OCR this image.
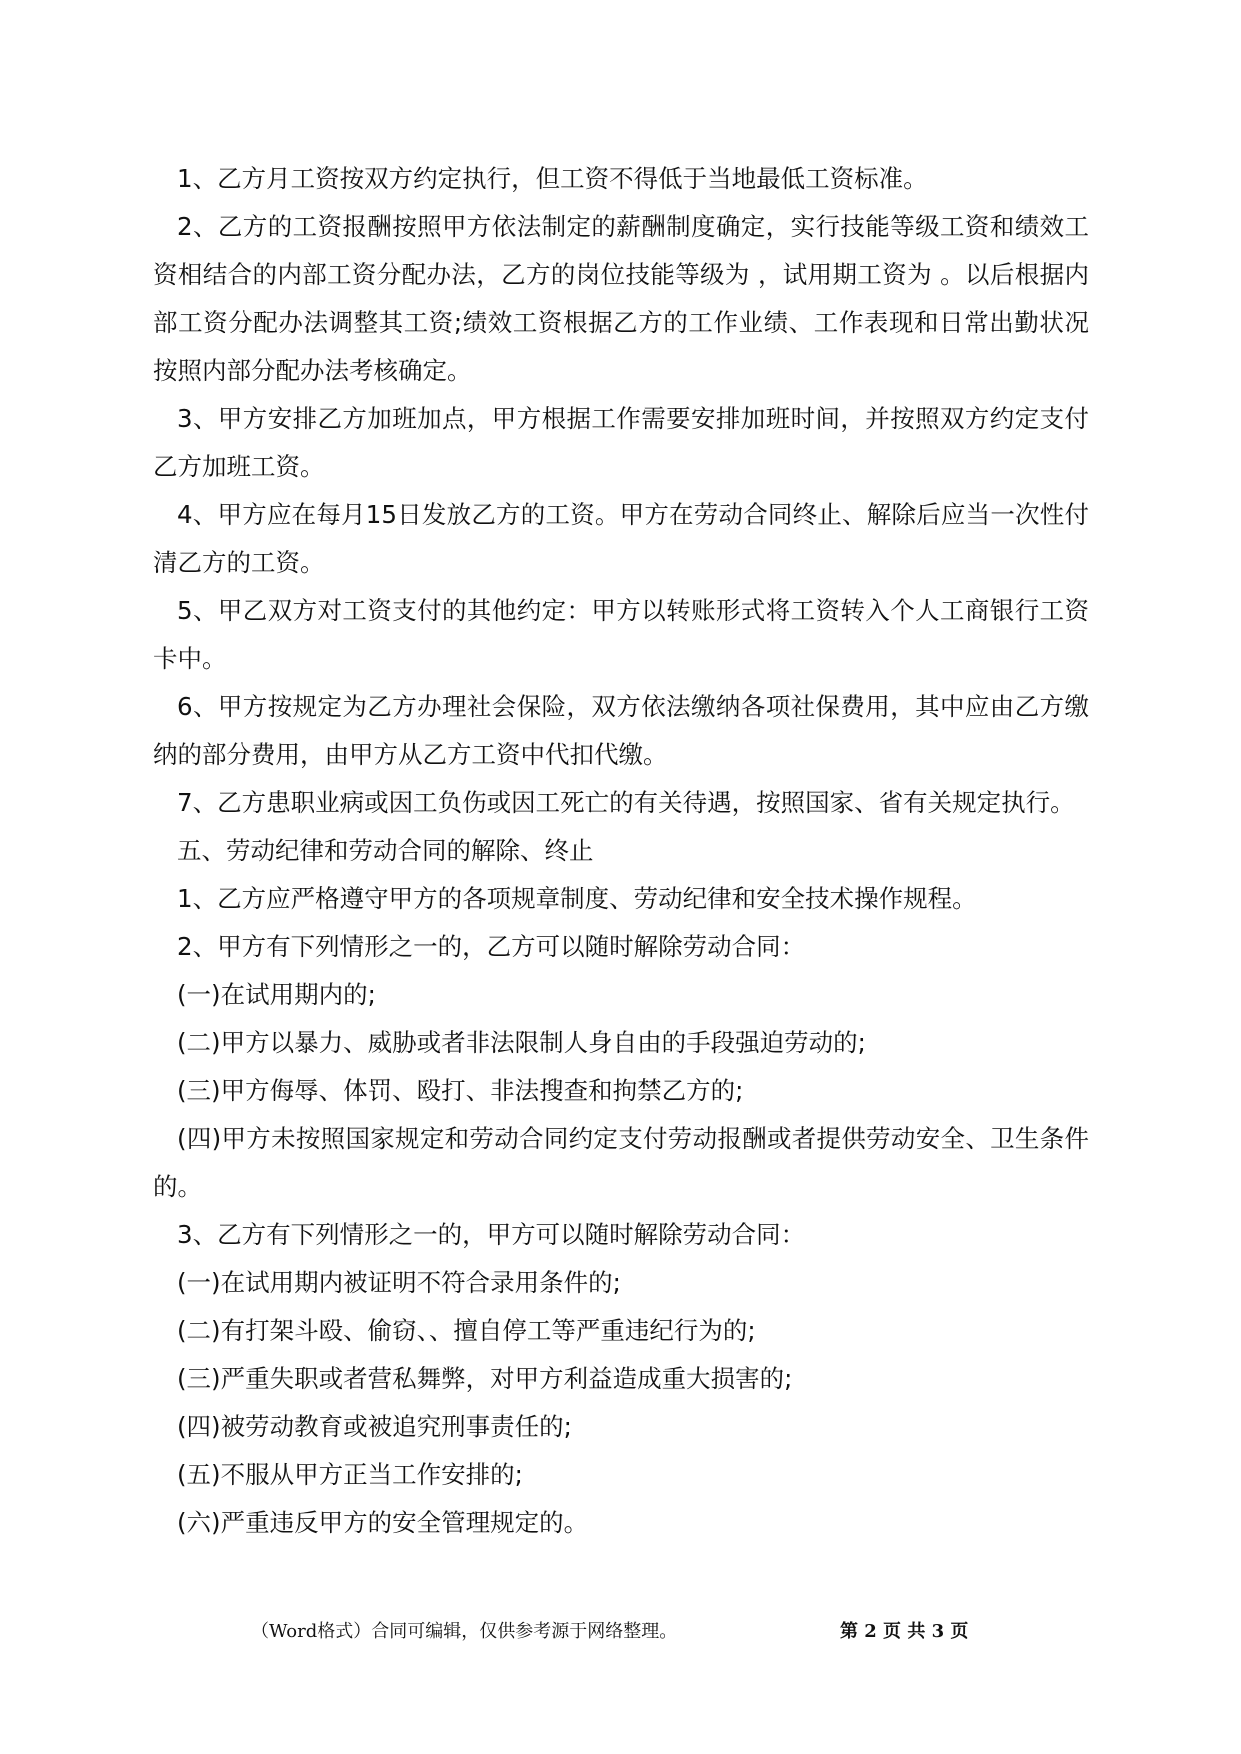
1、乙方月工资按双方约定执行，但工资不得低于当地最低工资标准。

2、乙方的工资报酬按照甲方依法制定的薪酬制度确定，实行技能等级工资和绩效工资相结合的内部工资分配办法，乙方的岗位技能等级为 ，试用期工资为 。以后根据内部工资分配办法调整其工资;绩效工资根据乙方的工作业绩、工作表现和日常出勤状况按照内部分配办法考核确定。

3、甲方安排乙方加班加点，甲方根据工作需要安排加班时间，并按照双方约定支付乙方加班工资。

4、甲方应在每月15日发放乙方的工资。甲方在劳动合同终止、解除后应当一次性付清乙方的工资。

5、甲乙双方对工资支付的其他约定：甲方以转账形式将工资转入个人工商银行工资卡中。

6、甲方按规定为乙方办理社会保险，双方依法缴纳各项社保费用，其中应由乙方缴纳的部分费用，由甲方从乙方工资中代扣代缴。

7、乙方患职业病或因工负伤或因工死亡的有关待遇，按照国家、省有关规定执行。

五、劳动纪律和劳动合同的解除、终止

1、乙方应严格遵守甲方的各项规章制度、劳动纪律和安全技术操作规程。

2、甲方有下列情形之一的，乙方可以随时解除劳动合同：

(一)在试用期内的;

(二)甲方以暴力、威胁或者非法限制人身自由的手段强迫劳动的;

(三)甲方侮辱、体罚、殴打、非法搜查和拘禁乙方的;

(四)甲方未按照国家规定和劳动合同约定支付劳动报酬或者提供劳动安全、卫生条件的。

3、乙方有下列情形之一的，甲方可以随时解除劳动合同：

(一)在试用期内被证明不符合录用条件的;

(二)有打架斗殴、偷窃、、擅自停工等严重违纪行为的;

(三)严重失职或者营私舞弊，对甲方利益造成重大损害的;

(四)被劳动教育或被追究刑事责任的;

(五)不服从甲方正当工作安排的;

(六)严重违反甲方的安全管理规定的。

（Word格式）合同可编辑，仅供参考源于网络整理。	第 2 页 共 3 页
